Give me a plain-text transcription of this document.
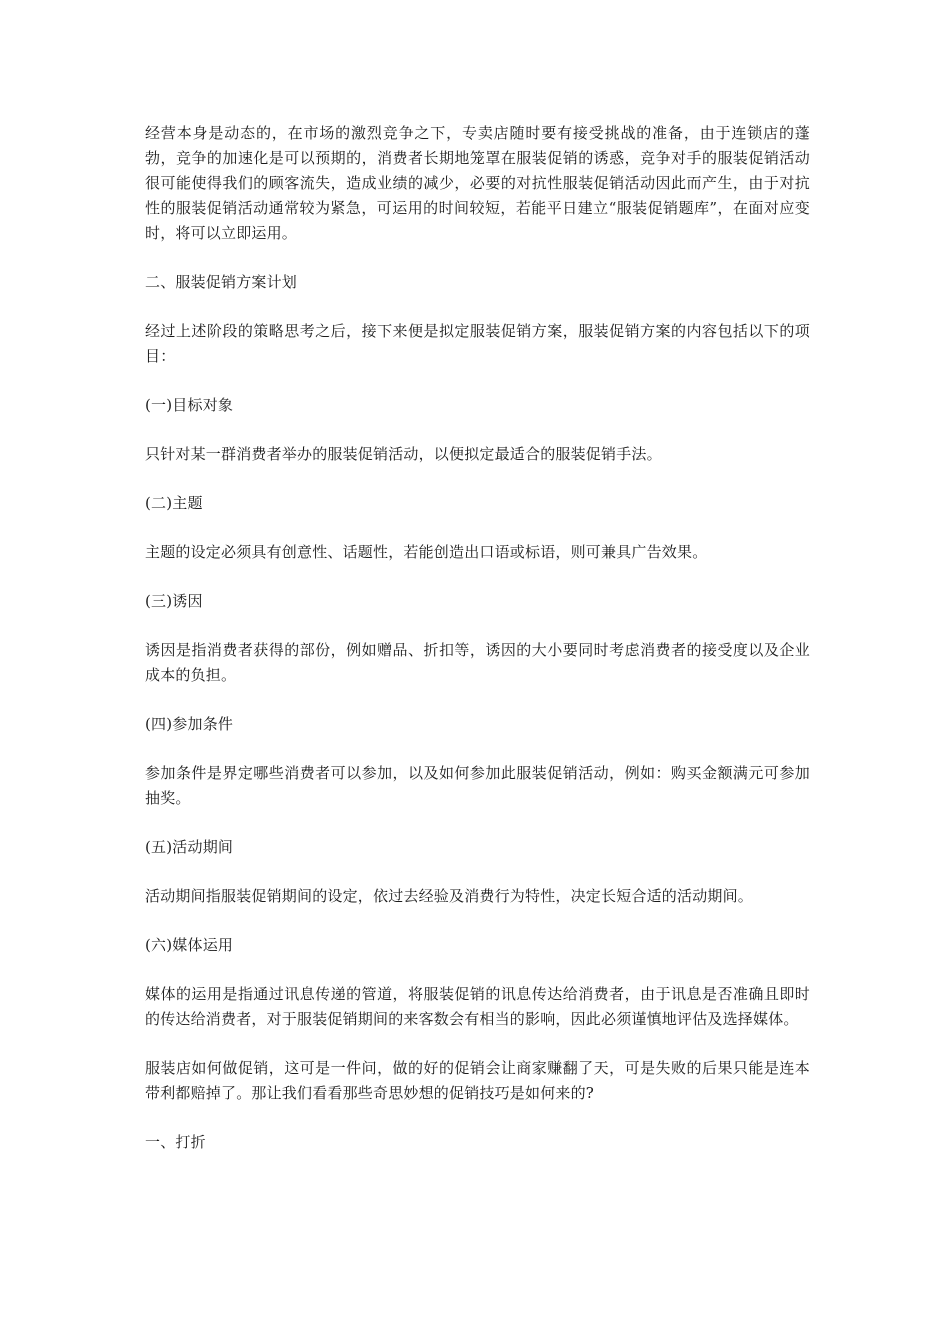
经营本身是动态的，在市场的激烈竞争之下，专卖店随时要有接受挑战的准备，由于连锁店的蓬勃，竞争的加速化是可以预期的，消费者长期地笼罩在服装促销的诱惑，竞争对手的服装促销活动很可能使得我们的顾客流失，造成业绩的减少，必要的对抗性服装促销活动因此而产生，由于对抗性的服装促销活动通常较为紧急，可运用的时间较短，若能平日建立“服装促销题库”，在面对应变时，将可以立即运用。

二、服装促销方案计划

经过上述阶段的策略思考之后，接下来便是拟定服装促销方案，服装促销方案的内容包括以下的项目：

(一)目标对象

只针对某一群消费者举办的服装促销活动，以便拟定最适合的服装促销手法。

(二)主题

主题的设定必须具有创意性、话题性，若能创造出口语或标语，则可兼具广告效果。

(三)诱因

诱因是指消费者获得的部份，例如赠品、折扣等，诱因的大小要同时考虑消费者的接受度以及企业成本的负担。

(四)参加条件

参加条件是界定哪些消费者可以参加，以及如何参加此服装促销活动，例如：购买金额满元可参加抽奖。

(五)活动期间

活动期间指服装促销期间的设定，依过去经验及消费行为特性，决定长短合适的活动期间。

(六)媒体运用

媒体的运用是指通过讯息传递的管道，将服装促销的讯息传达给消费者，由于讯息是否准确且即时的传达给消费者，对于服装促销期间的来客数会有相当的影响，因此必须谨慎地评估及选择媒体。

服装店如何做促销，这可是一件问，做的好的促销会让商家赚翻了天，可是失败的后果只能是连本带利都赔掉了。那让我们看看那些奇思妙想的促销技巧是如何来的?

一、打折
